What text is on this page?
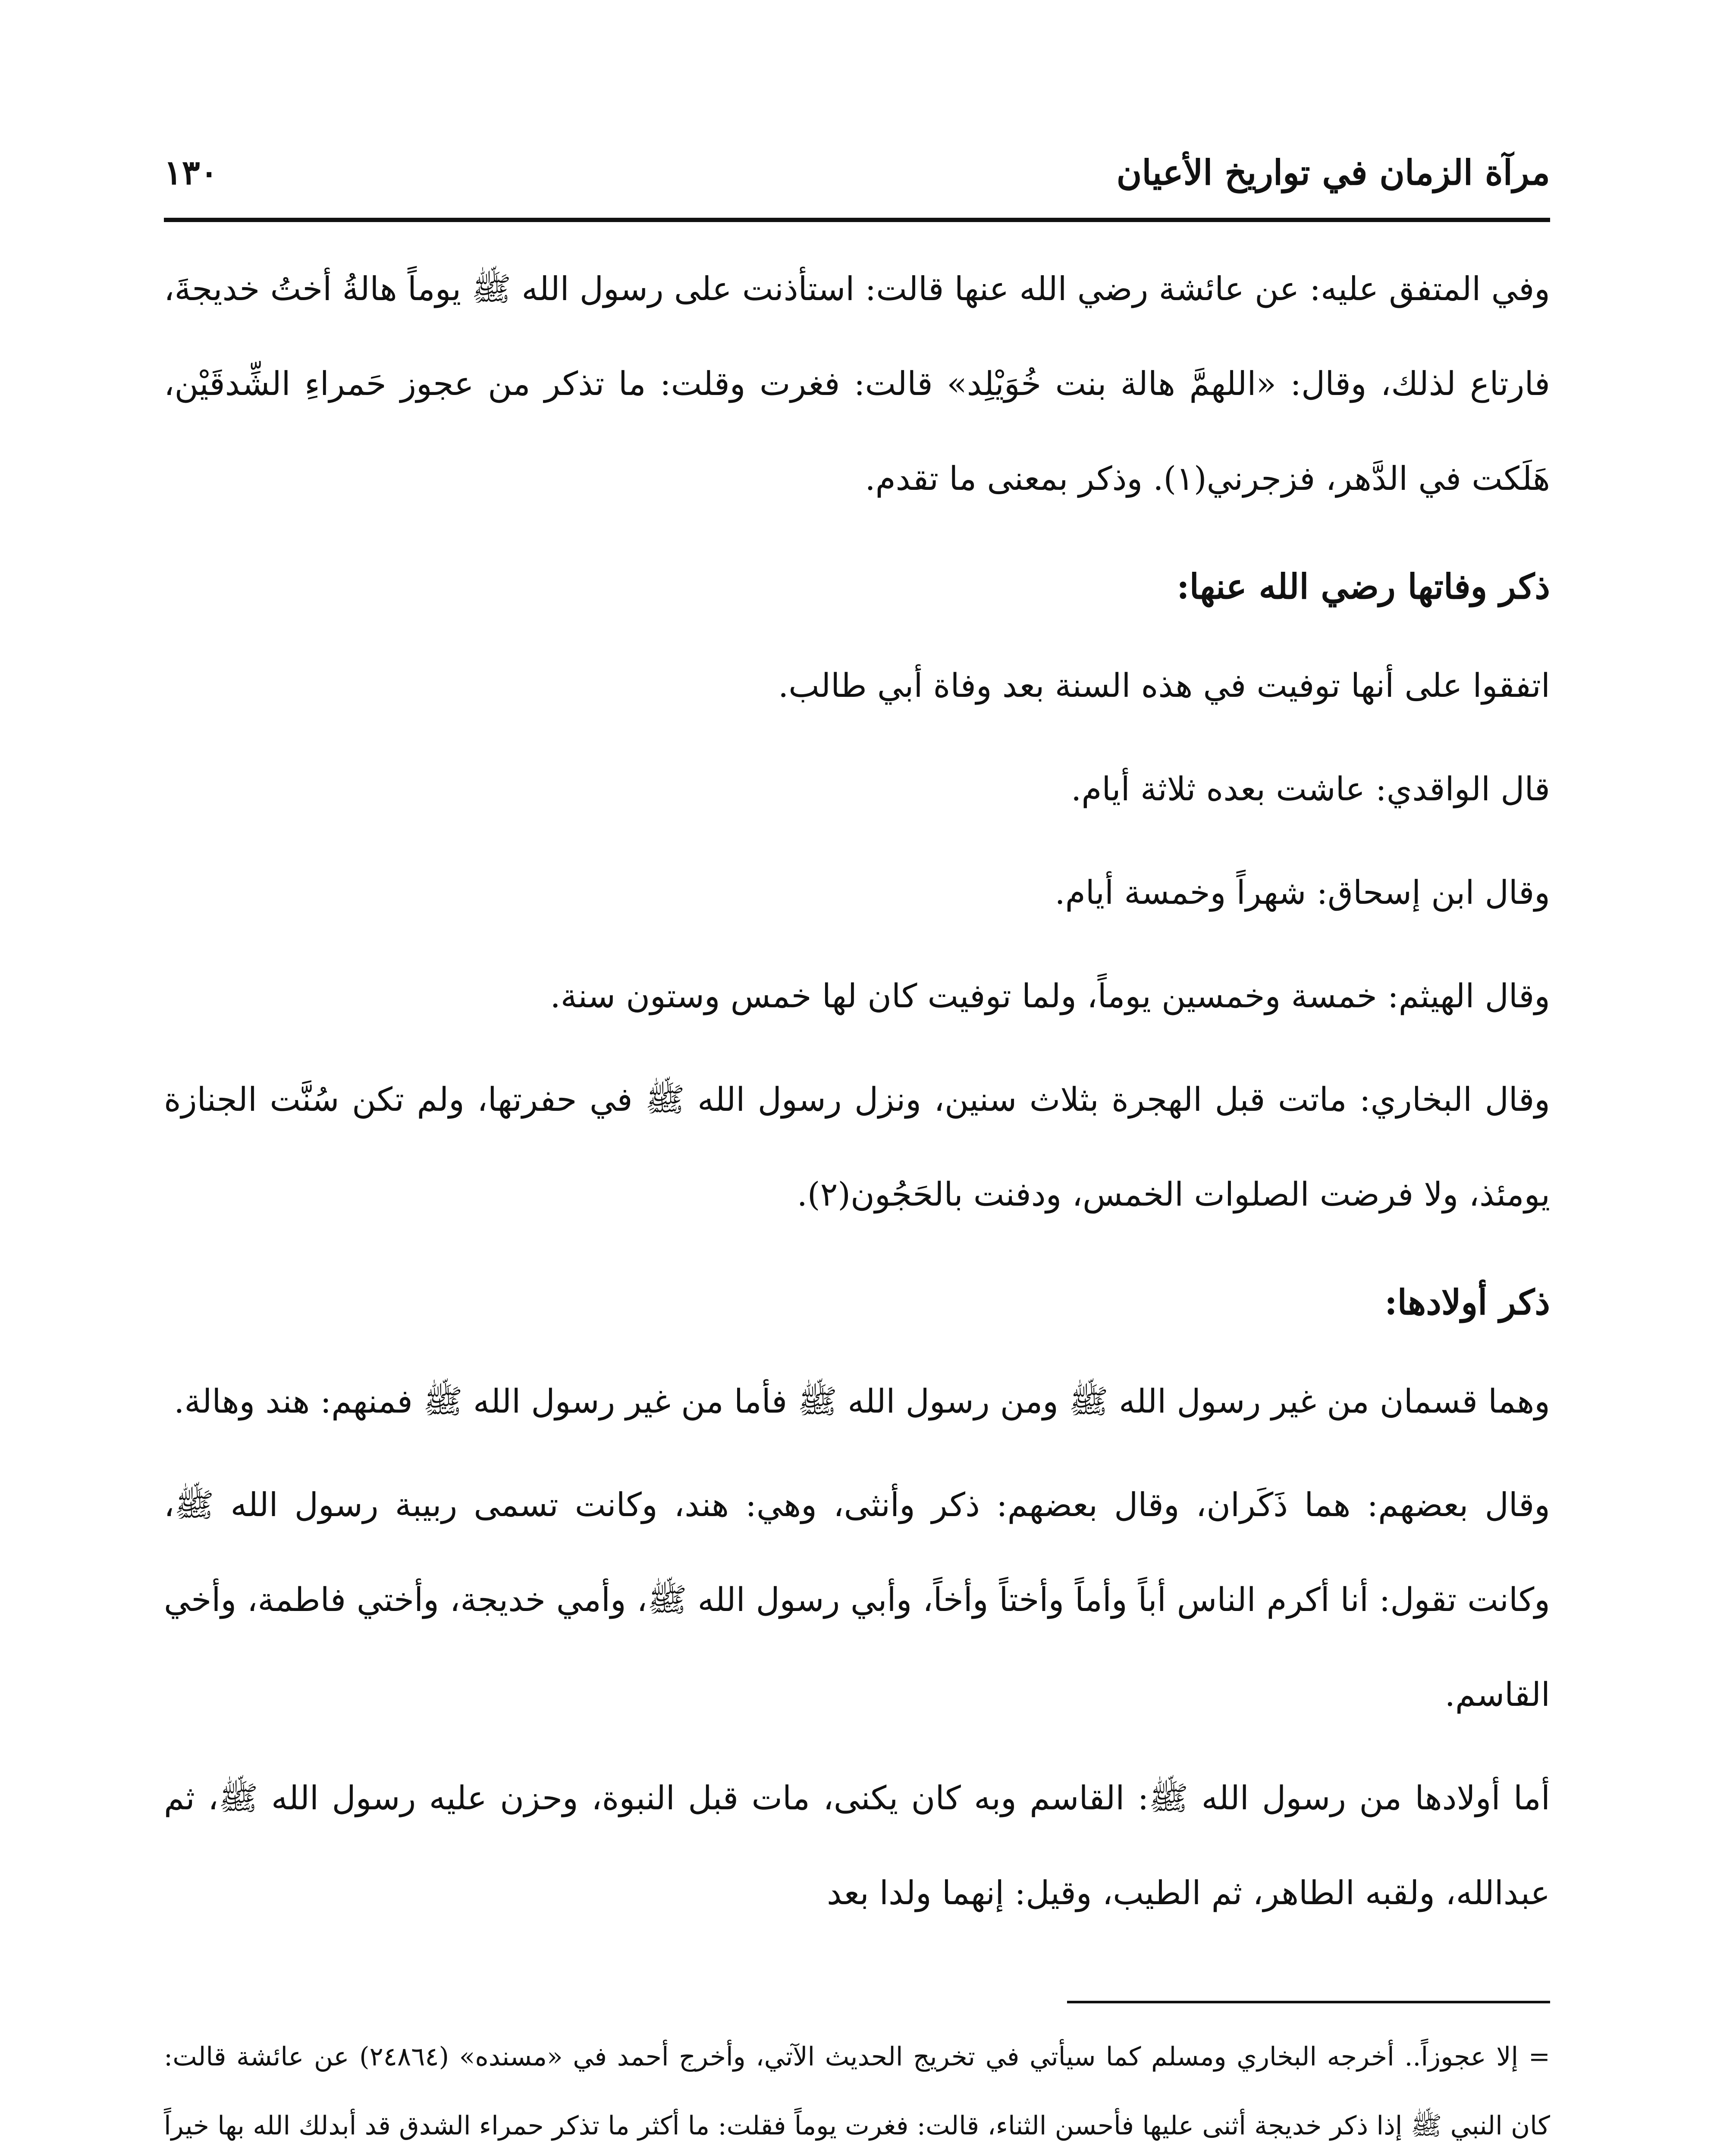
مرآة الزمان في تواريخ الأعيان
١٣٠

وفي المتفق عليه: عن عائشة رضي الله عنها قالت: استأذنت على رسول الله ﷺ يوماً هالةُ أختُ خديجةَ، فارتاع لذلك، وقال: «اللهمَّ هالة بنت خُوَيْلِد» قالت: فغرت وقلت: ما تذكر من عجوز حَمراءِ الشِّدقَيْن، هَلَكت في الدَّهر، فزجرني(١). وذكر بمعنى ما تقدم.

ذكر وفاتها رضي الله عنها:

اتفقوا على أنها توفيت في هذه السنة بعد وفاة أبي طالب.

قال الواقدي: عاشت بعده ثلاثة أيام.

وقال ابن إسحاق: شهراً وخمسة أيام.

وقال الهيثم: خمسة وخمسين يوماً، ولما توفيت كان لها خمس وستون سنة.

وقال البخاري: ماتت قبل الهجرة بثلاث سنين، ونزل رسول الله ﷺ في حفرتها، ولم تكن سُنَّت الجنازة يومئذ، ولا فرضت الصلوات الخمس، ودفنت بالحَجُون(٢).

ذكر أولادها:

وهما قسمان من غير رسول الله ﷺ ومن رسول الله ﷺ فأما من غير رسول الله ﷺ فمنهم: هند وهالة.

وقال بعضهم: هما ذَكَران، وقال بعضهم: ذكر وأنثى، وهي: هند، وكانت تسمى ربيبة رسول الله ﷺ، وكانت تقول: أنا أكرم الناس أباً وأماً وأختاً وأخاً، وأبي رسول الله ﷺ، وأمي خديجة، وأختي فاطمة، وأخي القاسم.

أما أولادها من رسول الله ﷺ: القاسم وبه كان يكنى، مات قبل النبوة، وحزن عليه رسول الله ﷺ، ثم عبدالله، ولقبه الطاهر، ثم الطيب، وقيل: إنهما ولدا بعد

= إلا عجوزاً.. أخرجه البخاري ومسلم كما سيأتي في تخريج الحديث الآتي، وأخرج أحمد في «مسنده» (٢٤٨٦٤) عن عائشة قالت: كان النبي ﷺ إذا ذكر خديجة أثنى عليها فأحسن الثناء، قالت: فغرت يوماً فقلت: ما أكثر ما تذكر حمراء الشدق قد أبدلك الله بها خيراً
